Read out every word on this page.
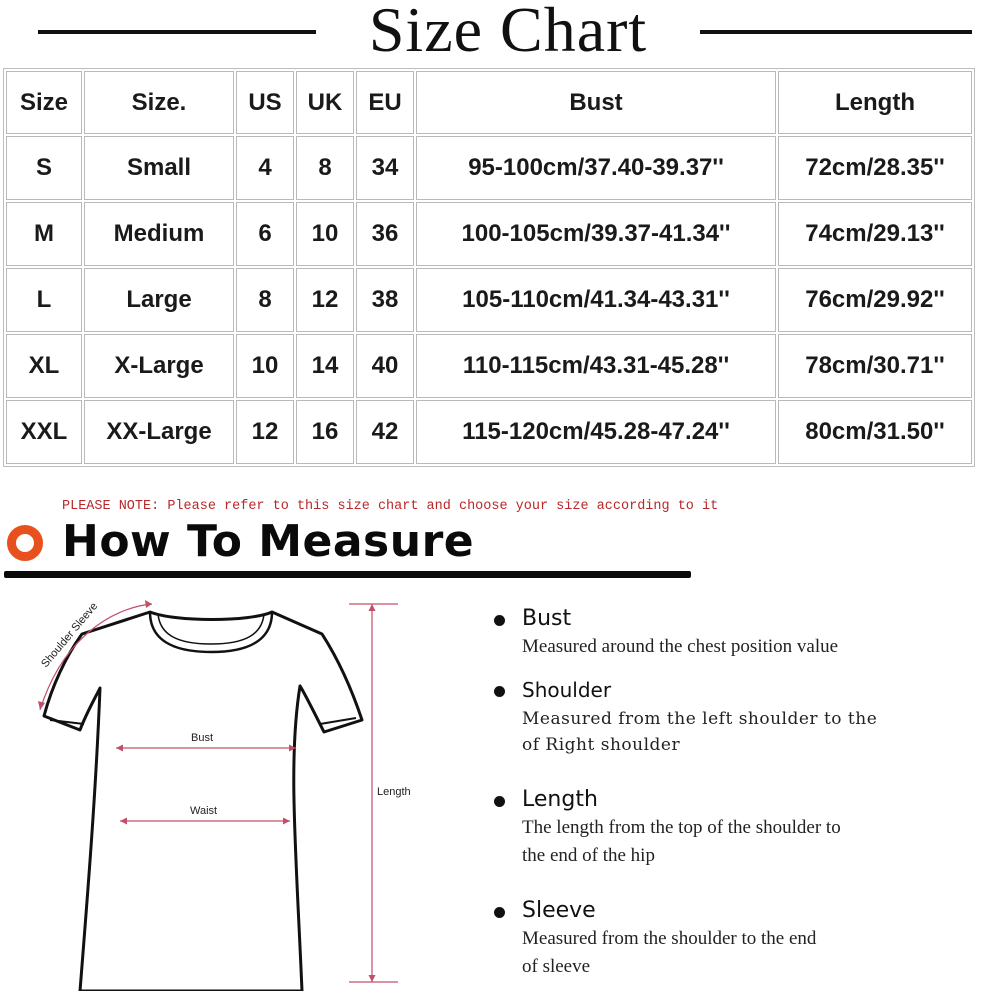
Size Chart
Size	Size.	US	UK	EU	Bust	Length
S	Small	4	8	34	95-100cm/37.40-39.37''	72cm/28.35''
M	Medium	6	10	36	100-105cm/39.37-41.34''	74cm/29.13''
L	Large	8	12	38	105-110cm/41.34-43.31''	76cm/29.92''
XL	X-Large	10	14	40	110-115cm/43.31-45.28''	78cm/30.71''
XXL	XX-Large	12	16	42	115-120cm/45.28-47.24''	80cm/31.50''
PLEASE NOTE: Please refer to this size chart and choose your size according to it
How To Measure
Shoulder Sleeve
Bust
Waist
Length
Bust
Measured around the chest position value
Shoulder
Measured from the left shoulder to the
of Right shoulder
Length
The length from the top of the shoulder to
the end of the hip
Sleeve
Measured from the shoulder to the end
of sleeve
